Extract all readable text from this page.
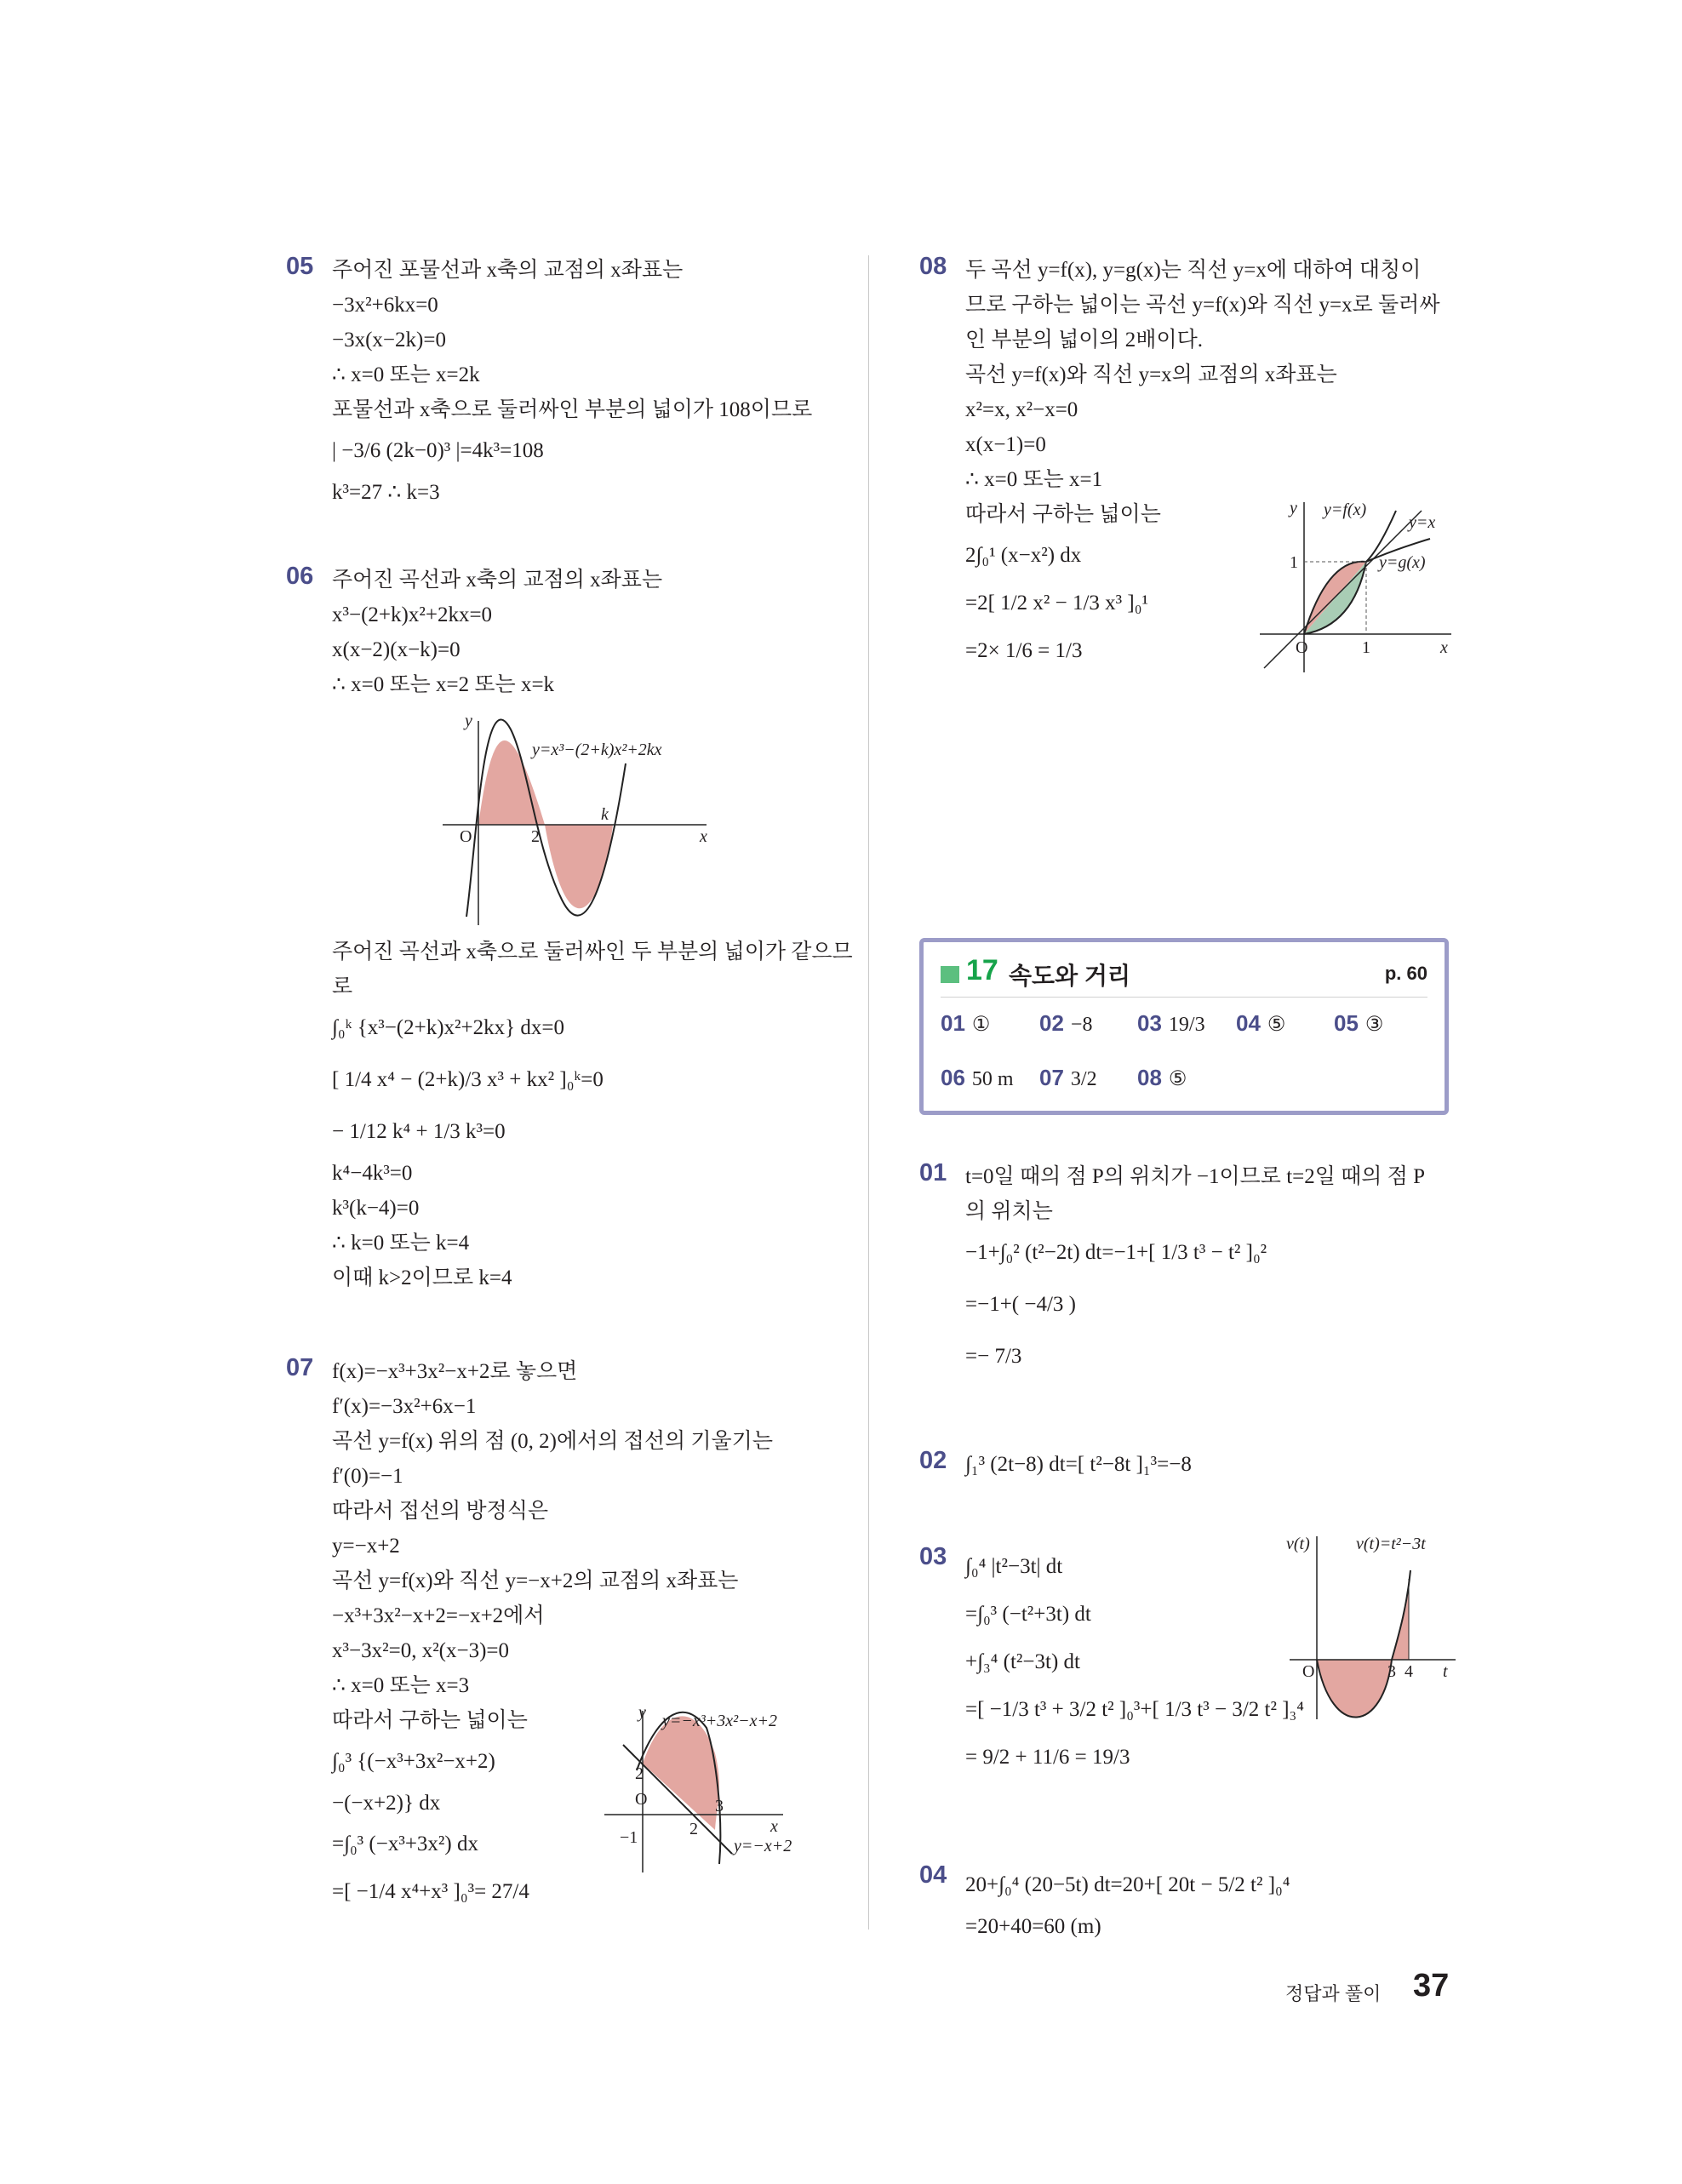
05 주어진 포물선과 x축의 교점의 x좌표는
−3x²+6kx=0
−3x(x−2k)=0
∴ x=0 또는 x=2k
포물선과 x축으로 둘러싸인 부분의 넓이가 108이므로
| −3/6 (2k−0)³ |=4k³=108
k³=27 ∴ k=3
06 주어진 곡선과 x축의 교점의 x좌표는
x³−(2+k)x²+2kx=0
x(x−2)(x−k)=0
∴ x=0 또는 x=2 또는 x=k
y
x
O	2
k
y=x³−(2+k)x²+2kx
주어진 곡선과 x축으로 둘러싸인 두 부분의 넓이가 같으므
로
∫₀ᵏ {x³−(2+k)x²+2kx} dx=0
[ 1/4 x⁴ − (2+k)/3 x³ + kx² ]₀ᵏ=0
− 1/12 k⁴ + 1/3 k³=0
k⁴−4k³=0
k³(k−4)=0
∴ k=0 또는 k=4
이때 k>2이므로 k=4
07 f(x)=−x³+3x²−x+2로 놓으면
f′(x)=−3x²+6x−1
곡선 y=f(x) 위의 점 (0, 2)에서의 접선의 기울기는
f′(0)=−1
따라서 접선의 방정식은
y=−x+2
곡선 y=f(x)와 직선 y=−x+2의 교점의 x좌표는
−x³+3x²−x+2=−x+2에서
x³−3x²=0, x²(x−3)=0
∴ x=0 또는 x=3
따라서 구하는 넓이는
∫₀³ {(−x³+3x²−x+2)
−(−x+2)} dx
=∫₀³ (−x³+3x²) dx
=[ −1/4 x⁴+x³ ]₀³= 27/4
y
x
O
2
−1	2
3
y=−x³+3x²−x+2
y=−x+2
08 두 곡선 y=f(x), y=g(x)는 직선 y=x에 대하여 대칭이
므로 구하는 넓이는 곡선 y=f(x)와 직선 y=x로 둘러싸
인 부분의 넓이의 2배이다.
곡선 y=f(x)와 직선 y=x의 교점의 x좌표는
x²=x, x²−x=0
x(x−1)=0
∴ x=0 또는 x=1
따라서 구하는 넓이는
2∫₀¹ (x−x²) dx
=2[ 1/2 x² − 1/3 x³ ]₀¹
=2× 1/6 = 1/3
y
x
O	1
1
y=f(x)
y=x
y=g(x)
17 속도와 거리	p. 60
01 ① 02 −8 03 19/3 04 ⑤ 05 ③
06 50 m 07 3/2 08 ⑤
01 t=0일 때의 점 P의 위치가 −1이므로 t=2일 때의 점 P
의 위치는
−1+∫₀² (t²−2t) dt=−1+[ 1/3 t³ − t² ]₀²
=−1+( −4/3 )
=− 7/3
02 ∫₁³ (2t−8) dt=[ t²−8t ]₁³=−8
03 ∫₀⁴ |t²−3t| dt
=∫₀³ (−t²+3t) dt
+∫₃⁴ (t²−3t) dt
=[ −1/3 t³ + 3/2 t² ]₀³+[ 1/3 t³ − 3/2 t² ]₃⁴
= 9/2 + 11/6 = 19/3
v(t)	v(t)=t²−3t
O	3 4 t
04 20+∫₀⁴ (20−5t) dt=20+[ 20t − 5/2 t² ]₀⁴
=20+40=60 (m)
정답과 풀이 37
